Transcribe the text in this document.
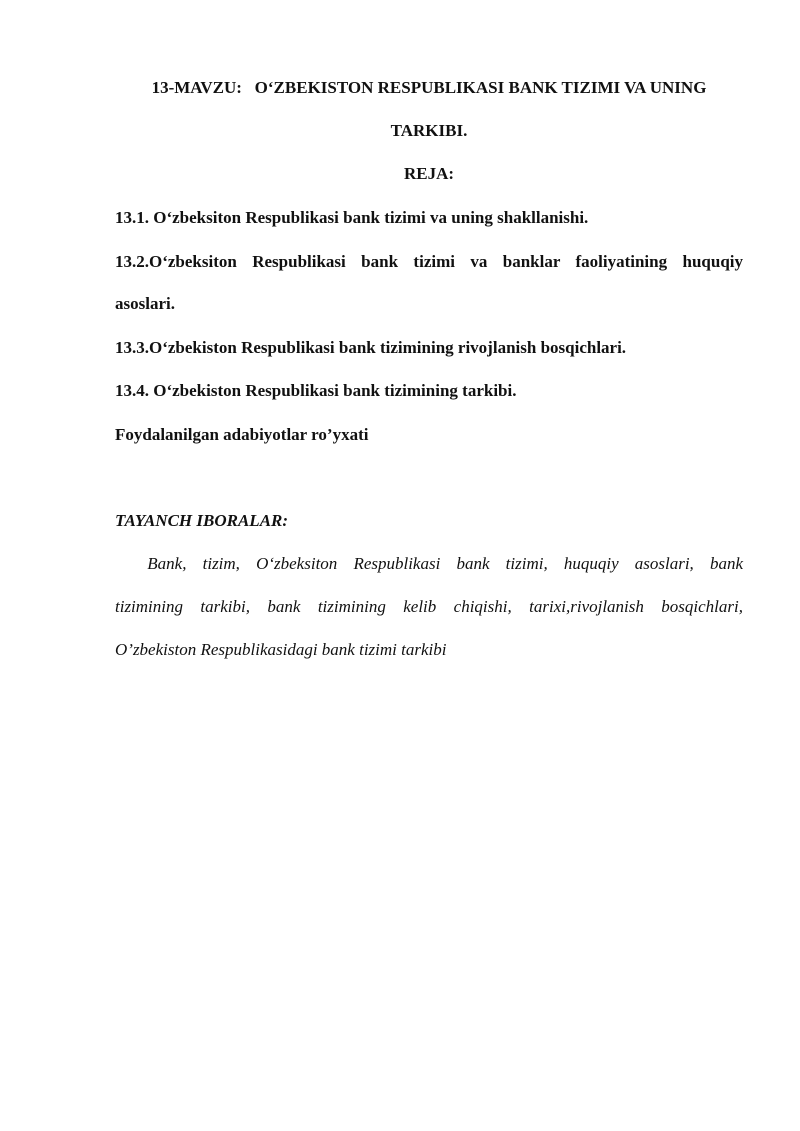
13-MAVZU:   O‘ZBEKISTON RESPUBLIKASI BANK TIZIMI VA UNING
TARKIBI.
REJA:
13.1. O‘zbeksiton Respublikasi bank tizimi va uning shakllanishi.
13.2.O‘zbeksiton Respublikasi bank tizimi va banklar faoliyatining huquqiy
asoslari.
13.3.O‘zbekiston Respublikasi bank tizimining rivojlanish bosqichlari.
13.4. O‘zbekiston Respublikasi bank tizimining tarkibi.
Foydalanilgan adabiyotlar ro’yxati
TAYANCH IBORALAR:
Bank, tizim, O‘zbeksiton Respublikasi bank tizimi, huquqiy asoslari, bank
tizimining tarkibi, bank tizimining kelib chiqishi, tarixi,rivojlanish bosqichlari,
O’zbekiston Respublikasidagi bank tizimi tarkibi
